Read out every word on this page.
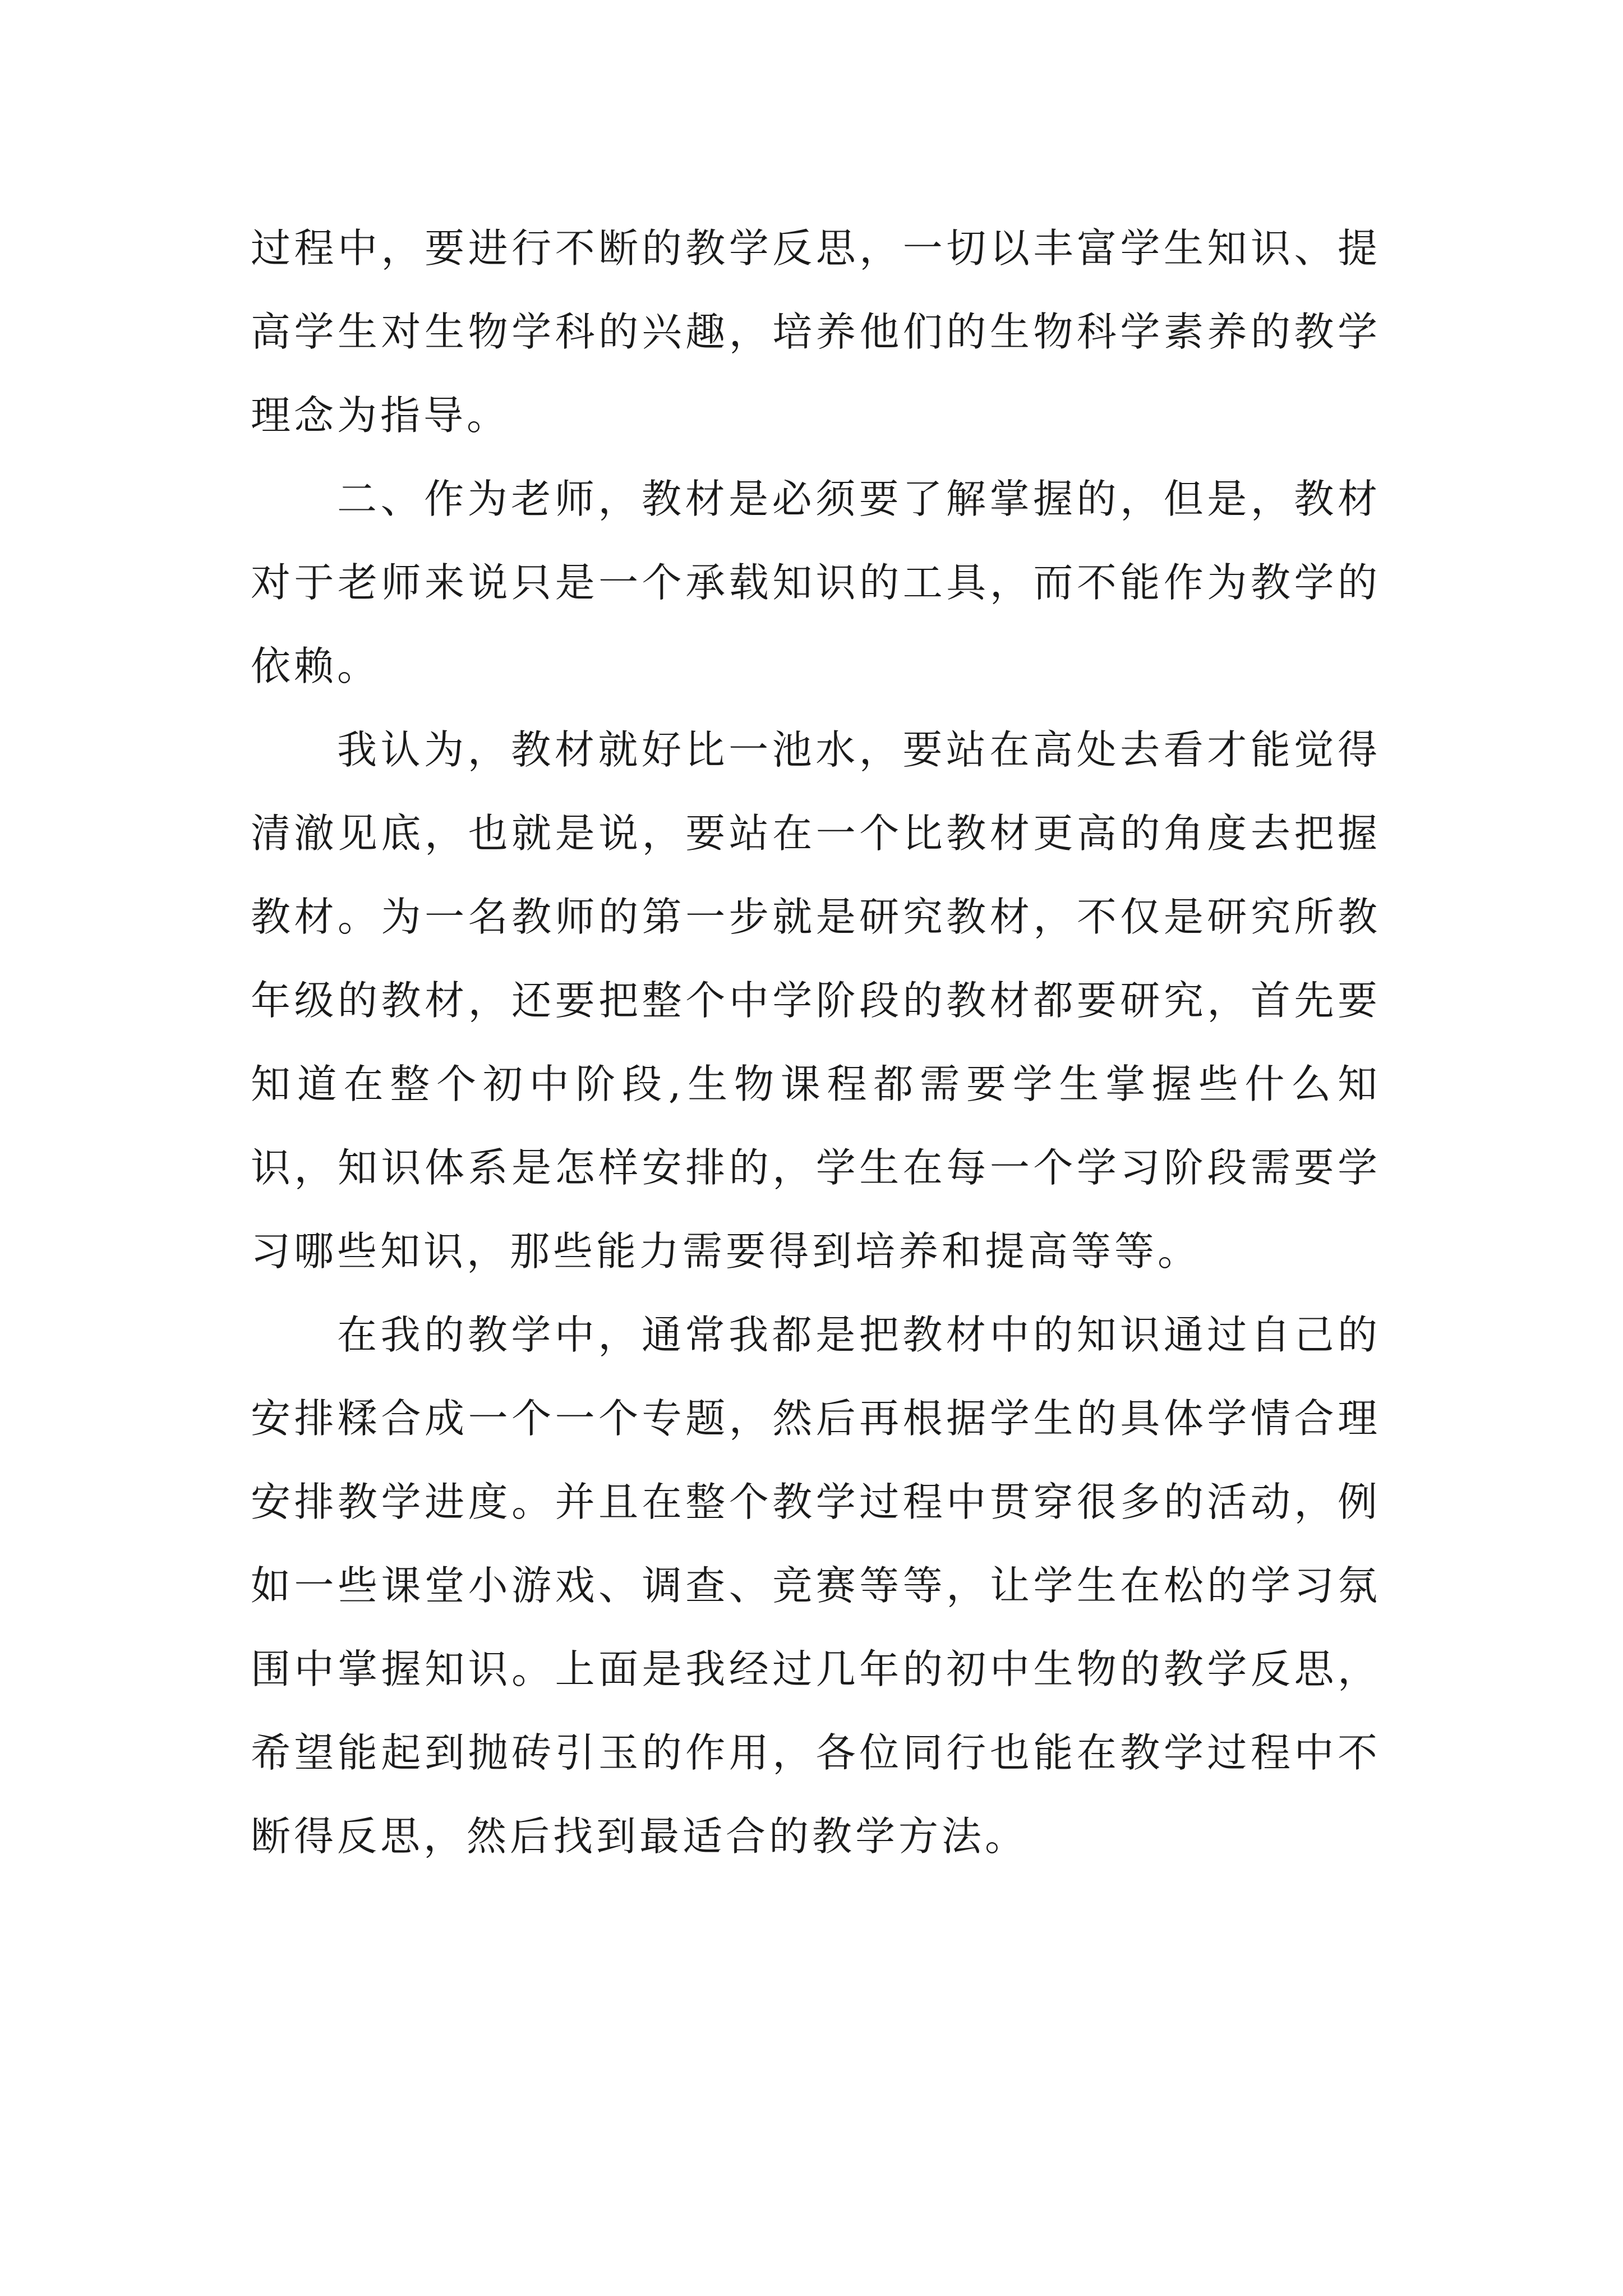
过程中，要进行不断的教学反思，一切以丰富学生知识、提高学生对生物学科的兴趣，培养他们的生物科学素养的教学理念为指导。

二、作为老师，教材是必须要了解掌握的，但是，教材对于老师来说只是一个承载知识的工具，而不能作为教学的依赖。

我认为，教材就好比一池水，要站在高处去看才能觉得清澈见底，也就是说，要站在一个比教材更高的角度去把握教材。为一名教师的第一步就是研究教材，不仅是研究所教年级的教材，还要把整个中学阶段的教材都要研究，首先要知道在整个初中阶段,生物课程都需要学生掌握些什么知识，知识体系是怎样安排的，学生在每一个学习阶段需要学习哪些知识，那些能力需要得到培养和提高等等。

在我的教学中，通常我都是把教材中的知识通过自己的安排糅合成一个一个专题，然后再根据学生的具体学情合理安排教学进度。并且在整个教学过程中贯穿很多的活动，例如一些课堂小游戏、调查、竞赛等等，让学生在松的学习氛围中掌握知识。上面是我经过几年的初中生物的教学反思，希望能起到抛砖引玉的作用，各位同行也能在教学过程中不断得反思，然后找到最适合的教学方法。
